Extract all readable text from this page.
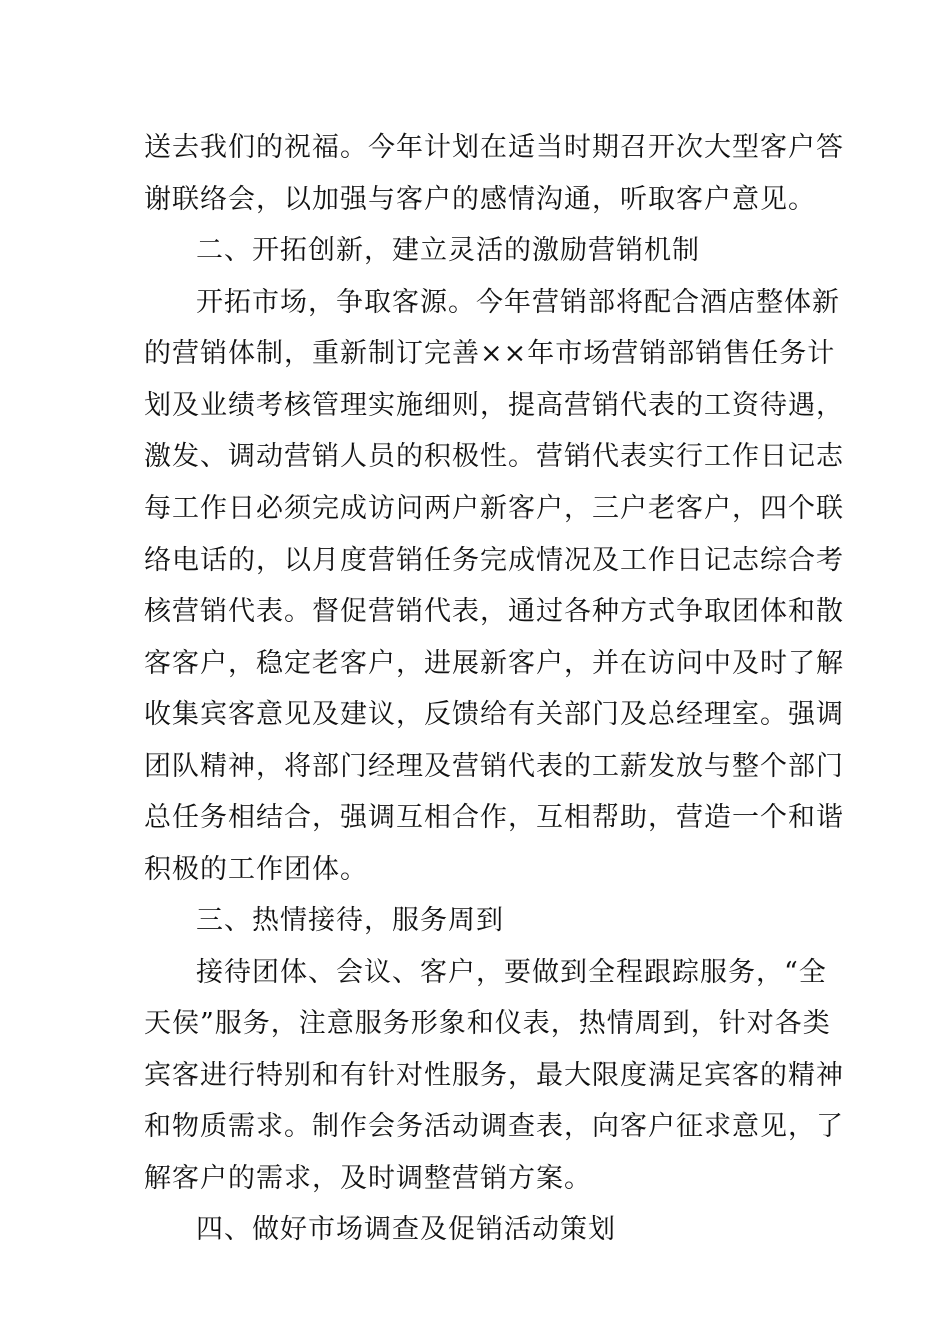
送去我们的祝福。今年计划在适当时期召开次大型客户答
谢联络会，以加强与客户的感情沟通，听取客户意见。
二、开拓创新，建立灵活的激励营销机制
开拓市场，争取客源。今年营销部将配合酒店整体新
的营销体制，重新制订完善××年市场营销部销售任务计
划及业绩考核管理实施细则，提高营销代表的工资待遇，
激发、调动营销人员的积极性。营销代表实行工作日记志
每工作日必须完成访问两户新客户，三户老客户，四个联
络电话的，以月度营销任务完成情况及工作日记志综合考
核营销代表。督促营销代表，通过各种方式争取团体和散
客客户，稳定老客户，进展新客户，并在访问中及时了解
收集宾客意见及建议，反馈给有关部门及总经理室。强调
团队精神，将部门经理及营销代表的工薪发放与整个部门
总任务相结合，强调互相合作，互相帮助，营造一个和谐
积极的工作团体。
三、热情接待，服务周到
接待团体、会议、客户，要做到全程跟踪服务，“全
天侯”服务，注意服务形象和仪表，热情周到，针对各类
宾客进行特别和有针对性服务，最大限度满足宾客的精神
和物质需求。制作会务活动调查表，向客户征求意见，了
解客户的需求，及时调整营销方案。
四、做好市场调查及促销活动策划
